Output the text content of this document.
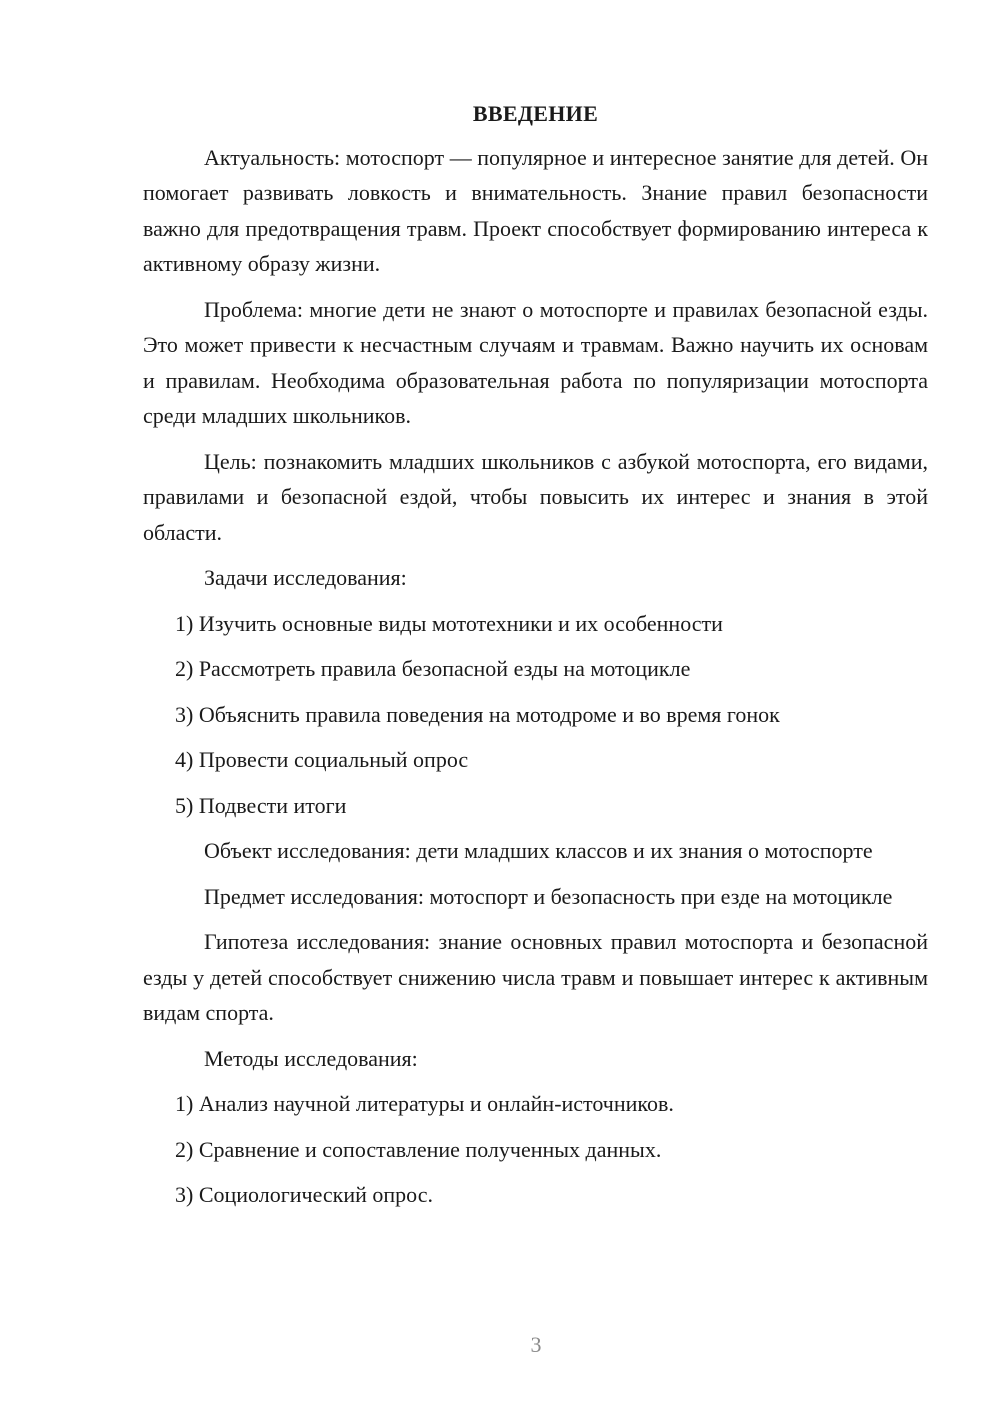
ВВЕДЕНИЕ

Актуальность: мотоспорт — популярное и интересное занятие для детей. Он помогает развивать ловкость и внимательность. Знание правил безопасности важно для предотвращения травм. Проект способствует формированию интереса к активному образу жизни.

Проблема: многие дети не знают о мотоспорте и правилах безопасной езды. Это может привести к несчастным случаям и травмам. Важно научить их основам и правилам. Необходима образовательная работа по популяризации мотоспорта среди младших школьников.

Цель: познакомить младших школьников с азбукой мотоспорта, его видами, правилами и безопасной ездой, чтобы повысить их интерес и знания в этой области.

Задачи исследования:

1) Изучить основные виды мототехники и их особенности
2) Рассмотреть правила безопасной езды на мотоцикле
3) Объяснить правила поведения на мотодроме и во время гонок
4) Провести социальный опрос
5) Подвести итоги

Объект исследования: дети младших классов и их знания о мотоспорте

Предмет исследования: мотоспорт и безопасность при езде на мотоцикле

Гипотеза исследования: знание основных правил мотоспорта и безопасной езды у детей способствует снижению числа травм и повышает интерес к активным видам спорта.

Методы исследования:

1) Анализ научной литературы и онлайн-источников.
2) Сравнение и сопоставление полученных данных.
3) Социологический опрос.
3
